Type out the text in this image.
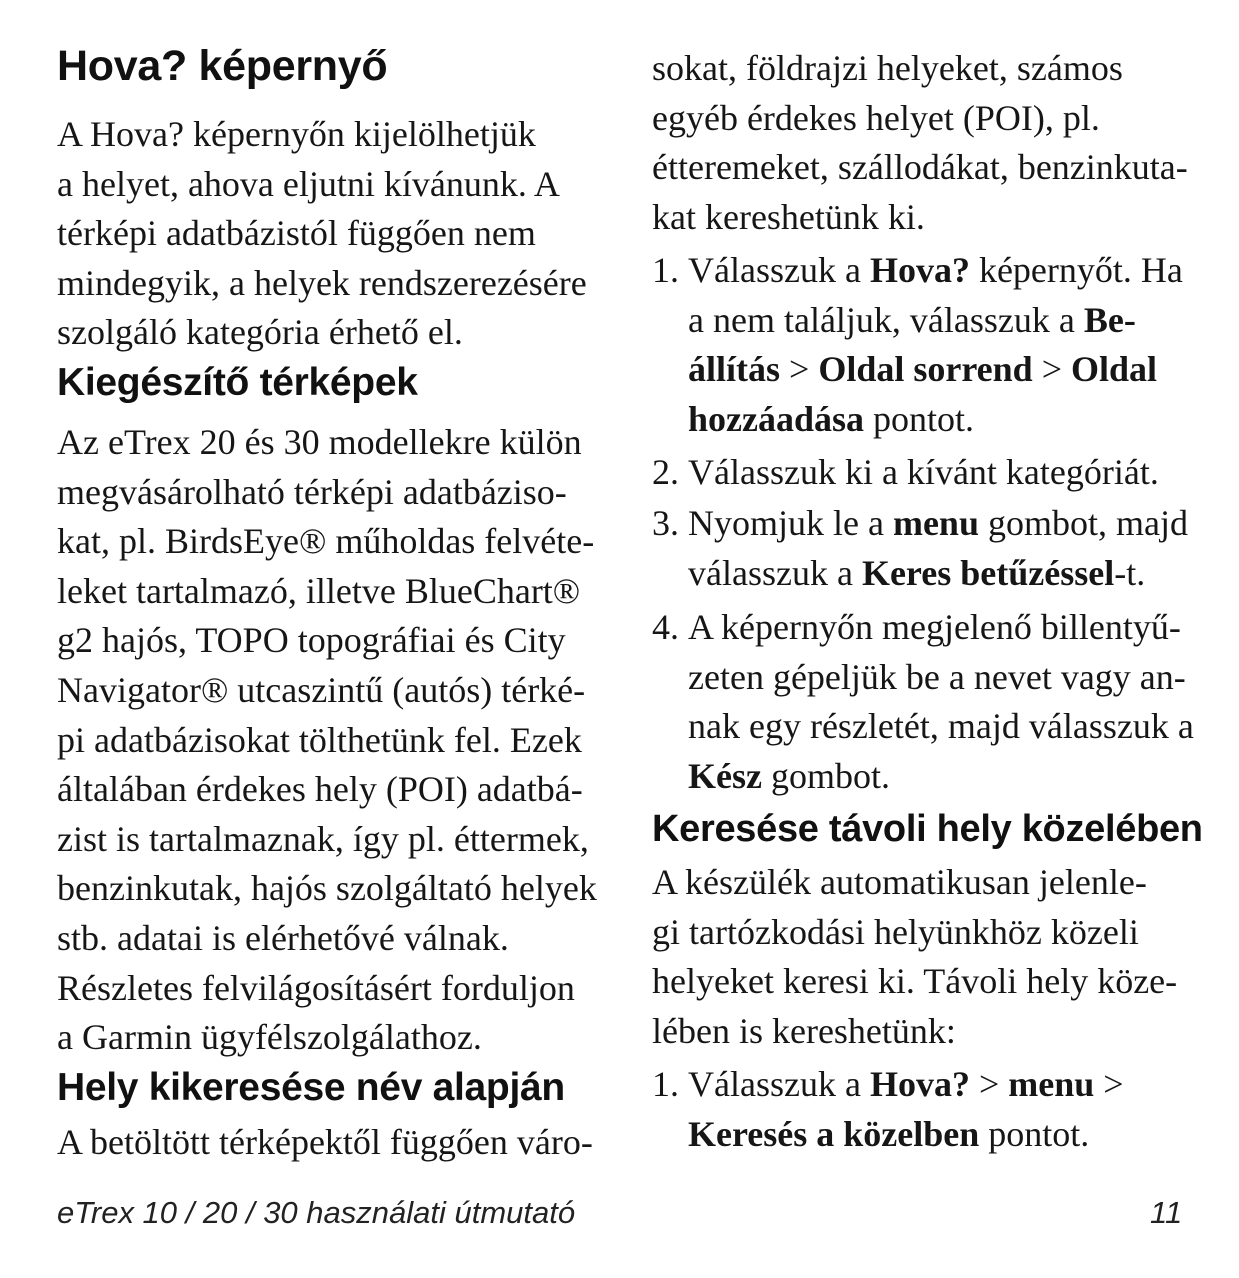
Hova? képernyő
A Hova? képernyőn kijelölhetjük
a helyet, ahova eljutni kívánunk. A
térképi adatbázistól függően nem
mindegyik, a helyek rendszerezésére
szolgáló kategória érhető el.
Kiegészítő térképek
Az eTrex 20 és 30 modellekre külön
megvásárolható térképi adatbáziso-
kat, pl. BirdsEye® műholdas felvéte-
leket tartalmazó, illetve BlueChart®
g2 hajós, TOPO topográfiai és City
Navigator® utcaszintű (autós) térké-
pi adatbázisokat tölthetünk fel. Ezek
általában érdekes hely (POI) adatbá-
zist is tartalmaznak, így pl. éttermek,
benzinkutak, hajós szolgáltató helyek
stb. adatai is elérhetővé válnak.
Részletes felvilágosításért forduljon
a Garmin ügyfélszolgálathoz.
Hely kikeresése név alapján
A betöltött térképektől függően váro-
sokat, földrajzi helyeket, számos
egyéb érdekes helyet (POI), pl.
étteremeket, szállodákat, benzinkuta-
kat kereshetünk ki.
1. Válasszuk a Hova? képernyőt. Ha
a nem találjuk, válasszuk a Be-
állítás > Oldal sorrend > Oldal
hozzáadása pontot.
2. Válasszuk ki a kívánt kategóriát.
3. Nyomjuk le a menu gombot, majd
válasszuk a Keres betűzéssel-t.
4. A képernyőn megjelenő billentyű-
zeten gépeljük be a nevet vagy an-
nak egy részletét, majd válasszuk a
Kész gombot.
Keresése távoli hely közelében
A készülék automatikusan jelenle-
gi tartózkodási helyünkhöz közeli
helyeket keresi ki. Távoli hely köze-
lében is kereshetünk:
1. Válasszuk a Hova? > menu >
Keresés a közelben pontot.
eTrex 10 / 20 / 30 használati útmutató	11
